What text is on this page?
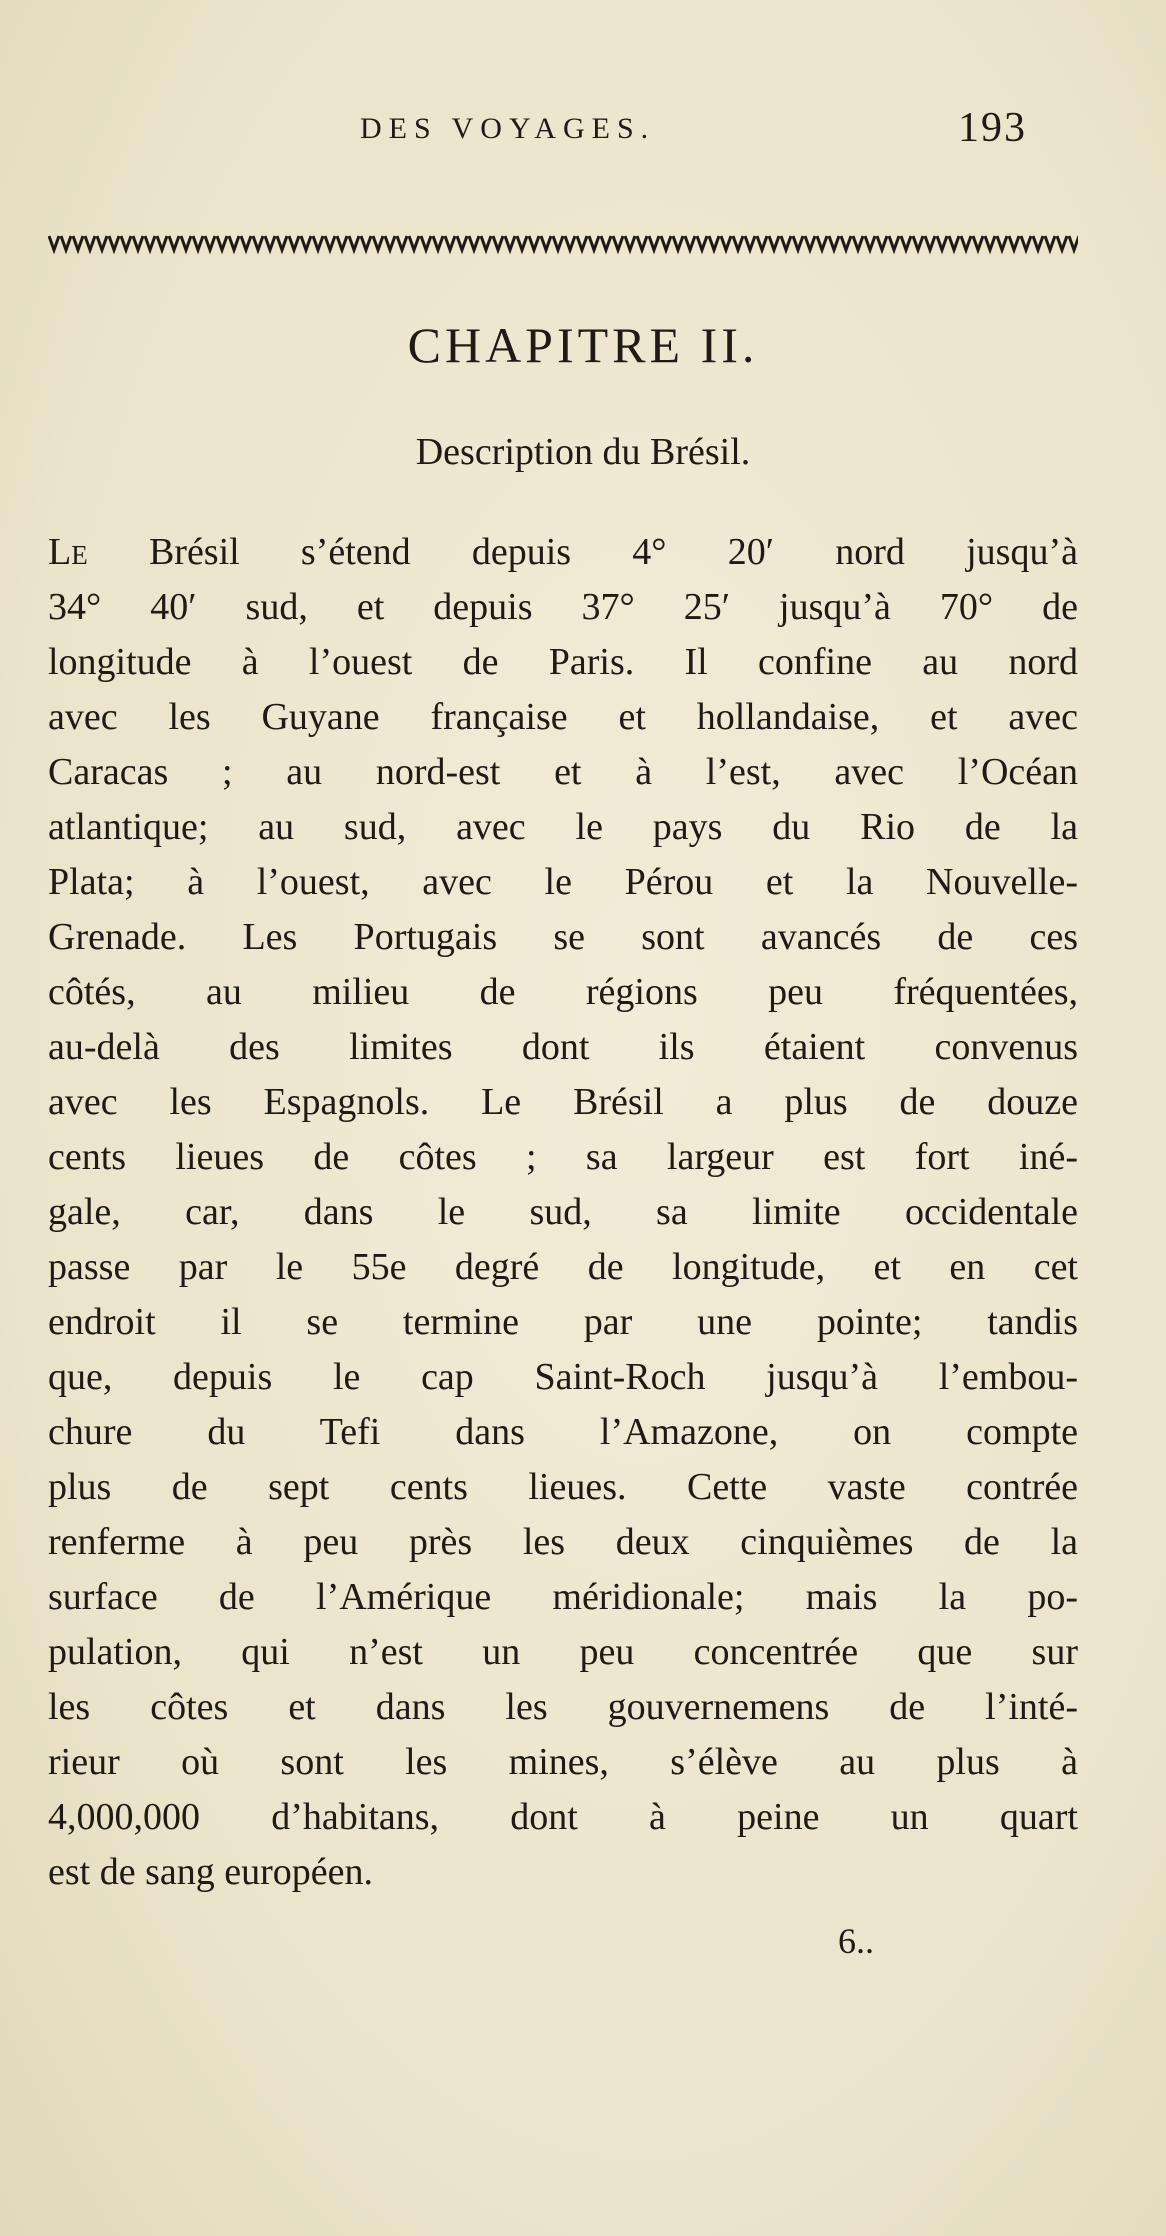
DES VOYAGES.	193
CHAPITRE II.
Description du Brésil.
Le Brésil s’étend depuis 4° 20′ nord jusqu’à
34° 40′ sud, et depuis 37° 25′ jusqu’à 70° de
longitude à l’ouest de Paris. Il confine au nord
avec les Guyane française et hollandaise, et avec
Caracas ; au nord-est et à l’est, avec l’Océan
atlantique; au sud, avec le pays du Rio de la
Plata; à l’ouest, avec le Pérou et la Nouvelle-
Grenade. Les Portugais se sont avancés de ces
côtés, au milieu de régions peu fréquentées,
au-delà des limites dont ils étaient convenus
avec les Espagnols. Le Brésil a plus de douze
cents lieues de côtes ; sa largeur est fort iné-
gale, car, dans le sud, sa limite occidentale
passe par le 55e degré de longitude, et en cet
endroit il se termine par une pointe; tandis
que, depuis le cap Saint-Roch jusqu’à l’embou-
chure du Tefi dans l’Amazone, on compte
plus de sept cents lieues. Cette vaste contrée
renferme à peu près les deux cinquièmes de la
surface de l’Amérique méridionale; mais la po-
pulation, qui n’est un peu concentrée que sur
les côtes et dans les gouvernemens de l’inté-
rieur où sont les mines, s’élève au plus à
4,000,000 d’habitans, dont à peine un quart
est de sang européen.
6..
